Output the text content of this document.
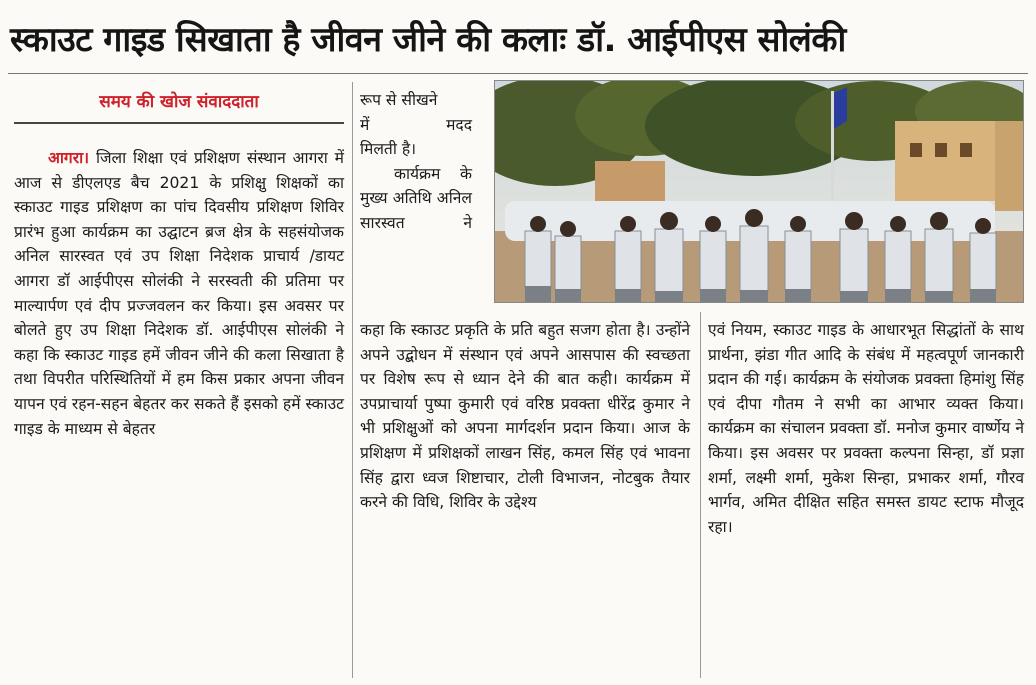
स्काउट गाइड सिखाता है जीवन जीने की कलाः डॉ. आईपीएस सोलंकी
समय की खोज संवाददाता

आगरा। जिला शिक्षा एवं प्रशिक्षण संस्थान आगरा में आज से डीएलएड बैच 2021 के प्रशिक्षु शिक्षकों का स्काउट गाइड प्रशिक्षण का पांच दिवसीय प्रशिक्षण शिविर प्रारंभ हुआ कार्यक्रम का उद्घाटन ब्रज क्षेत्र के सहसंयोजक अनिल सारस्वत एवं उप शिक्षा निदेशक प्राचार्य /डायट आगरा डॉ आईपीएस सोलंकी ने सरस्वती की प्रतिमा पर माल्यार्पण एवं दीप प्रज्जवलन कर किया। इस अवसर पर बोलते हुए उप शिक्षा निदेशक डॉ. आईपीएस सोलंकी ने कहा कि स्काउट गाइड हमें जीवन जीने की कला सिखाता है तथा विपरीत परिस्थितियों में हम किस प्रकार अपना जीवन यापन एवं रहन-सहन बेहतर कर सकते हैं इसको हमें स्काउट गाइड के माध्यम से बेहतर

रूप से सीखने

में मदद

मिलती है।

कार्यक्रम के मुख्य अतिथि अनिल सारस्वत ने

कहा कि स्काउट प्रकृति के प्रति बहुत सजग होता है। उन्होंने अपने उद्बोधन में संस्थान एवं अपने आसपास की स्वच्छता पर विशेष रूप से ध्यान देने की बात कही। कार्यक्रम में उपप्राचार्या पुष्पा कुमारी एवं वरिष्ठ प्रवक्ता धीरेंद्र कुमार ने भी प्रशिक्षुओं को अपना मार्गदर्शन प्रदान किया। आज के प्रशिक्षण में प्रशिक्षकों लाखन सिंह, कमल सिंह एवं भावना सिंह द्वारा ध्वज शिष्टाचार, टोली विभाजन, नोटबुक तैयार करने की विधि, शिविर के उद्देश्य

एवं नियम, स्काउट गाइड के आधारभूत सिद्धांतों के साथ प्रार्थना, झंडा गीत आदि के संबंध में महत्वपूर्ण जानकारी प्रदान की गई। कार्यक्रम के संयोजक प्रवक्ता हिमांशु सिंह एवं दीपा गौतम ने सभी का आभार व्यक्त किया। कार्यक्रम का संचालन प्रवक्ता डॉ. मनोज कुमार वार्ष्णेय ने किया। इस अवसर पर प्रवक्ता कल्पना सिन्हा, डॉ प्रज्ञा शर्मा, लक्ष्मी शर्मा, मुकेश सिन्हा, प्रभाकर शर्मा, गौरव भार्गव, अमित दीक्षित सहित समस्त डायट स्टाफ मौजूद रहा।
